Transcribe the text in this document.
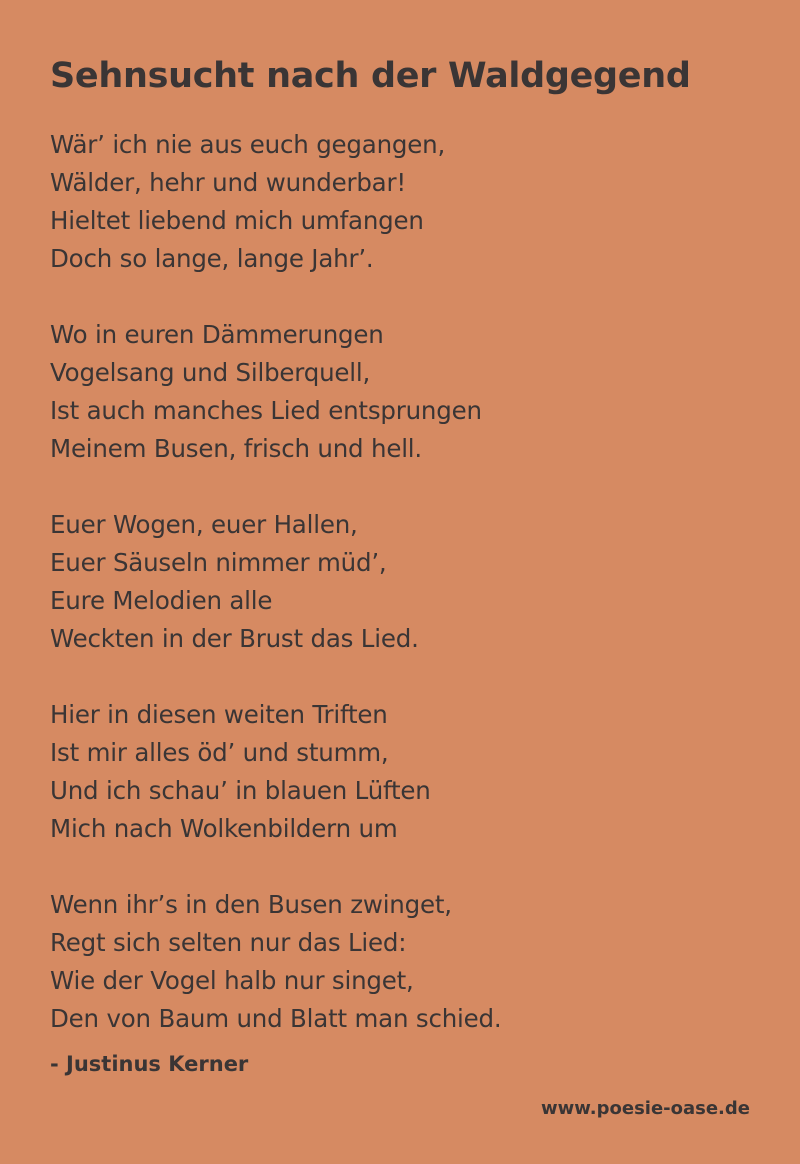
Sehnsucht nach der Waldgegend
Wär’ ich nie aus euch gegangen,
Wälder, hehr und wunderbar!
Hieltet liebend mich umfangen
Doch so lange, lange Jahr’.
Wo in euren Dämmerungen
Vogelsang und Silberquell,
Ist auch manches Lied entsprungen
Meinem Busen, frisch und hell.
Euer Wogen, euer Hallen,
Euer Säuseln nimmer müd’,
Eure Melodien alle
Weckten in der Brust das Lied.
Hier in diesen weiten Triften
Ist mir alles öd’ und stumm,
Und ich schau’ in blauen Lüften
Mich nach Wolkenbildern um
Wenn ihr’s in den Busen zwinget,
Regt sich selten nur das Lied:
Wie der Vogel halb nur singet,
Den von Baum und Blatt man schied.
- Justinus Kerner
www.poesie-oase.de
